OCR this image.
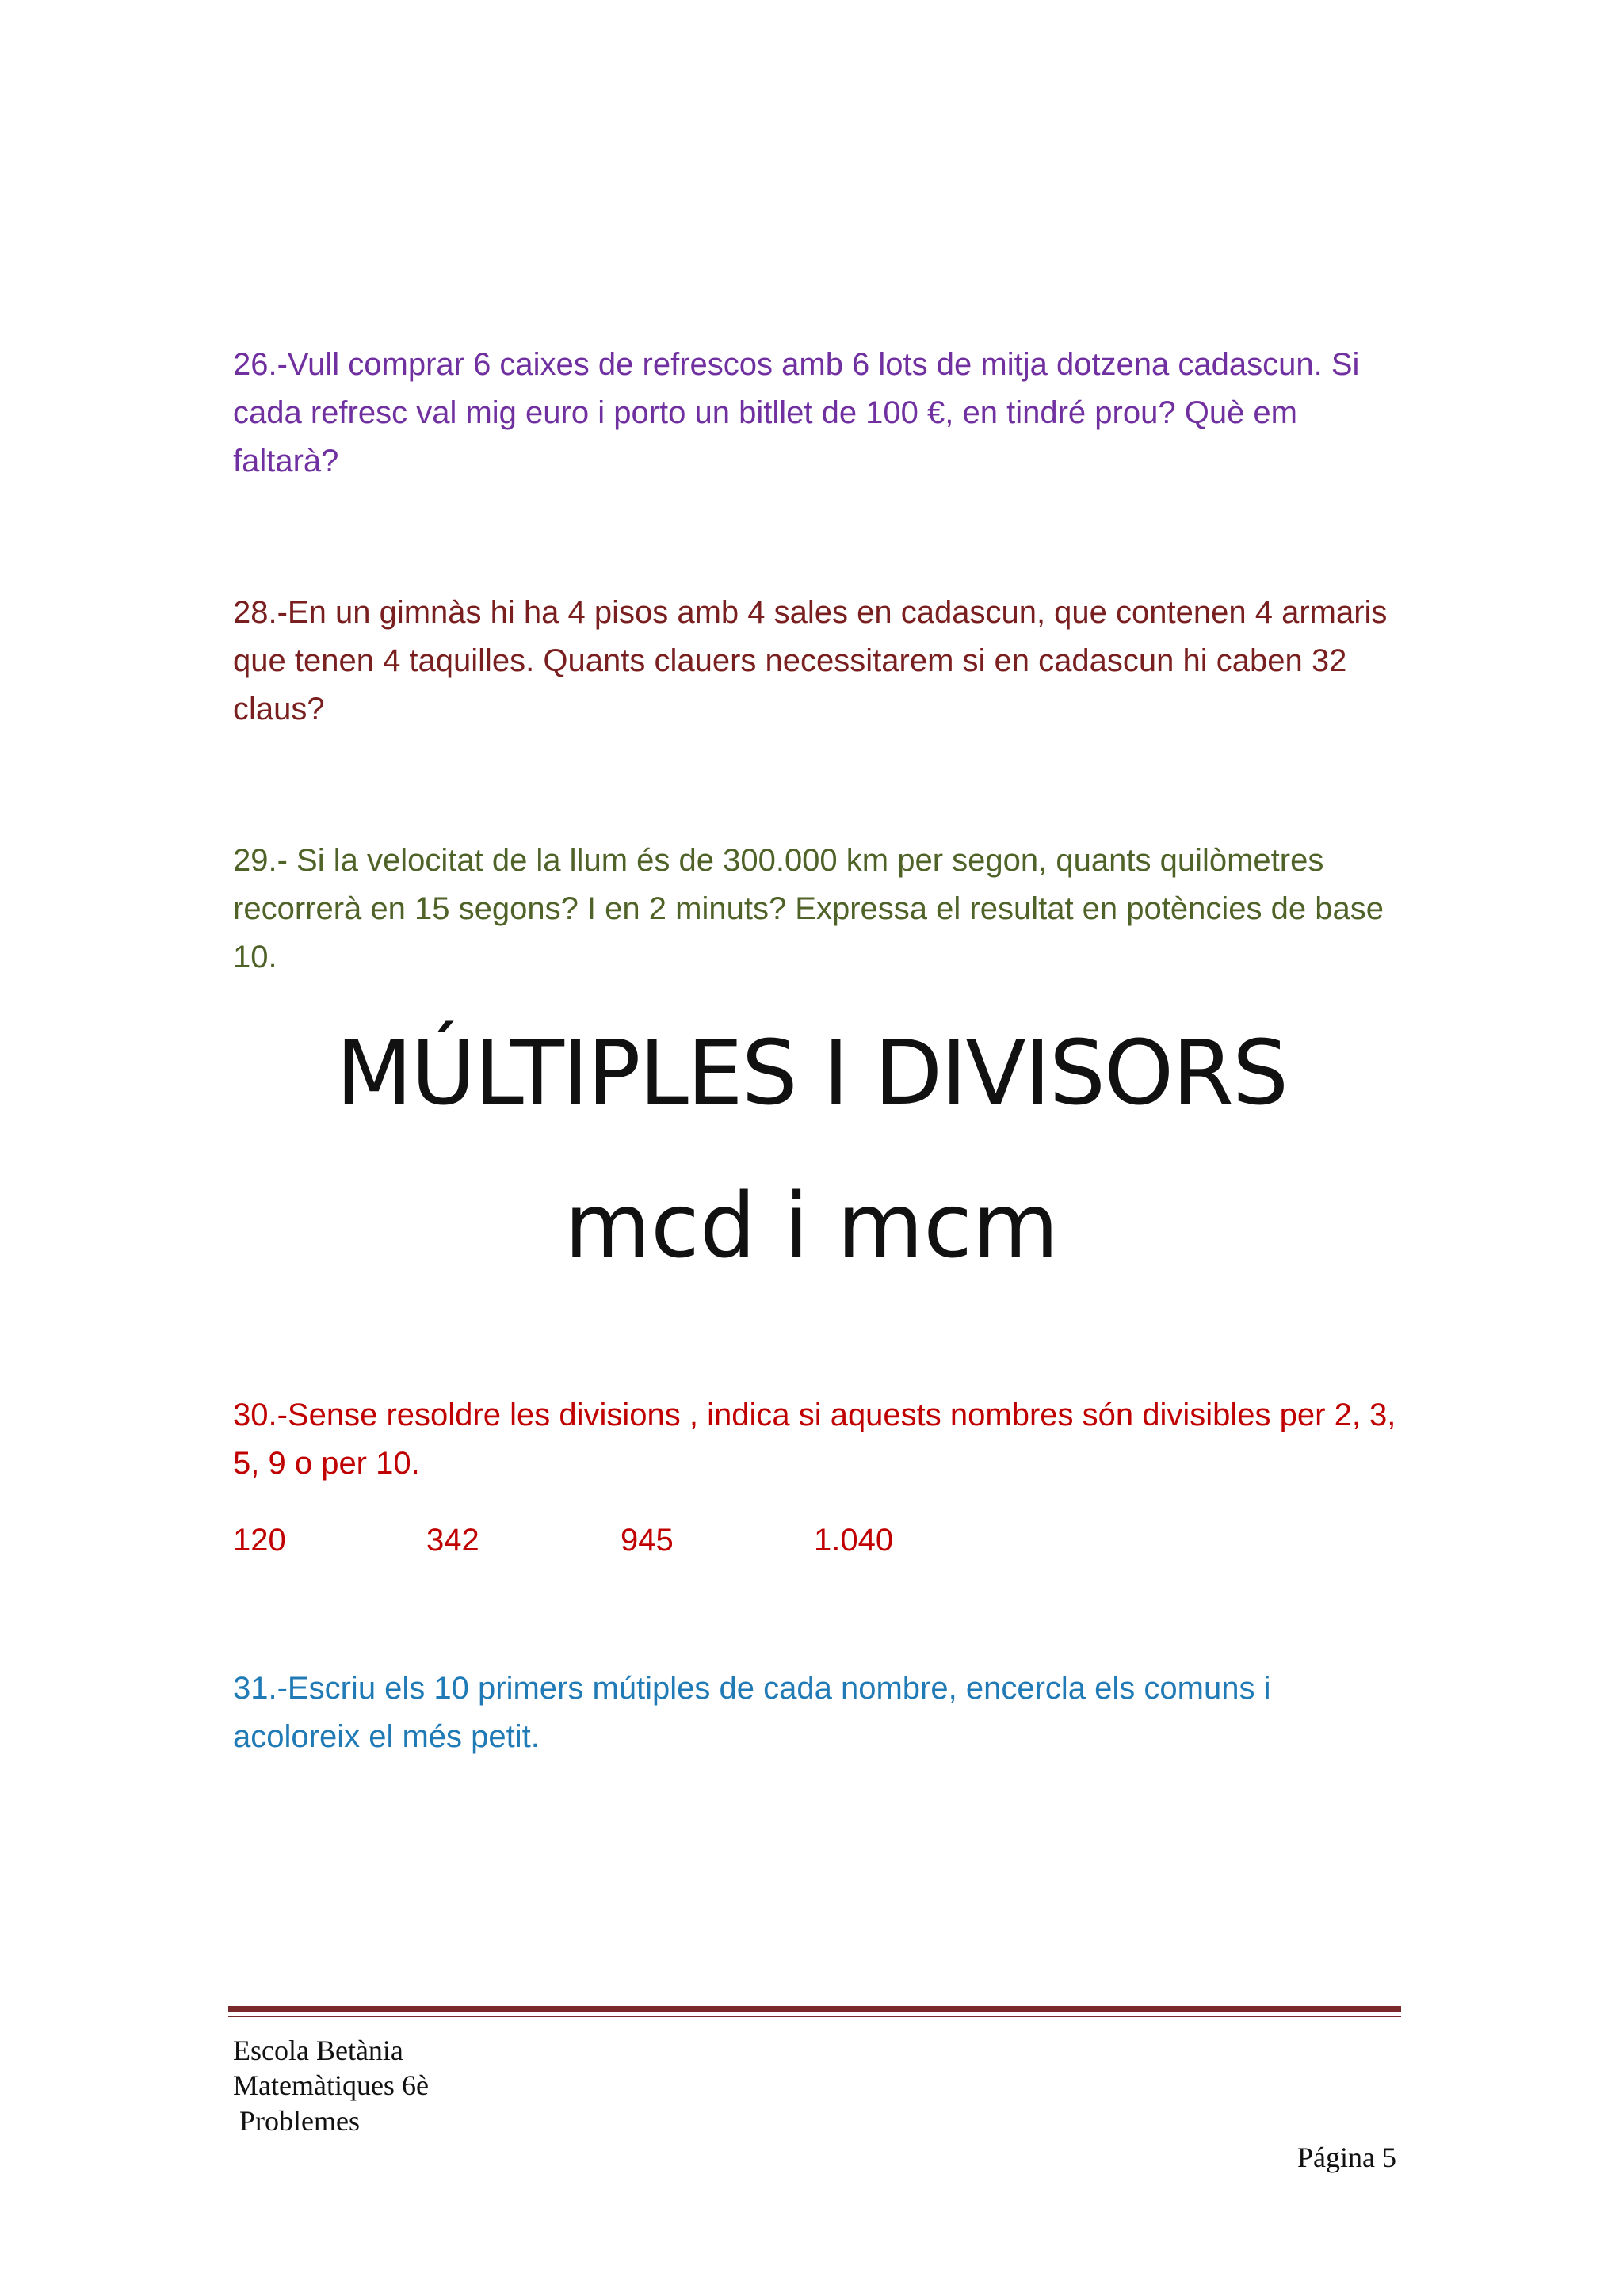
26.-Vull comprar 6 caixes de refrescos amb 6 lots de mitja dotzena cadascun. Si cada refresc val mig euro i porto un bitllet de 100 €, en tindré prou? Què em faltarà?

28.-En un gimnàs hi ha 4 pisos amb 4 sales en cadascun, que contenen 4 armaris que tenen 4 taquilles. Quants clauers necessitarem si en cadascun hi caben 32 claus?

29.- Si la velocitat de la llum és de 300.000 km per segon, quants quilòmetres recorrerà en 15 segons? I en 2 minuts? Expressa el resultat en potències de base 10.

MÚLTIPLES I DIVISORS
mcd i mcm

30.-Sense resoldre les divisions , indica si aquests nombres són divisibles per 2, 3, 5, 9 o per 10.

120	342	945	1.040

31.-Escriu els 10 primers mútiples de cada nombre, encercla els comuns i acoloreix el més petit.

Escola Betània
Matemàtiques 6è
Problemes
Página 5
